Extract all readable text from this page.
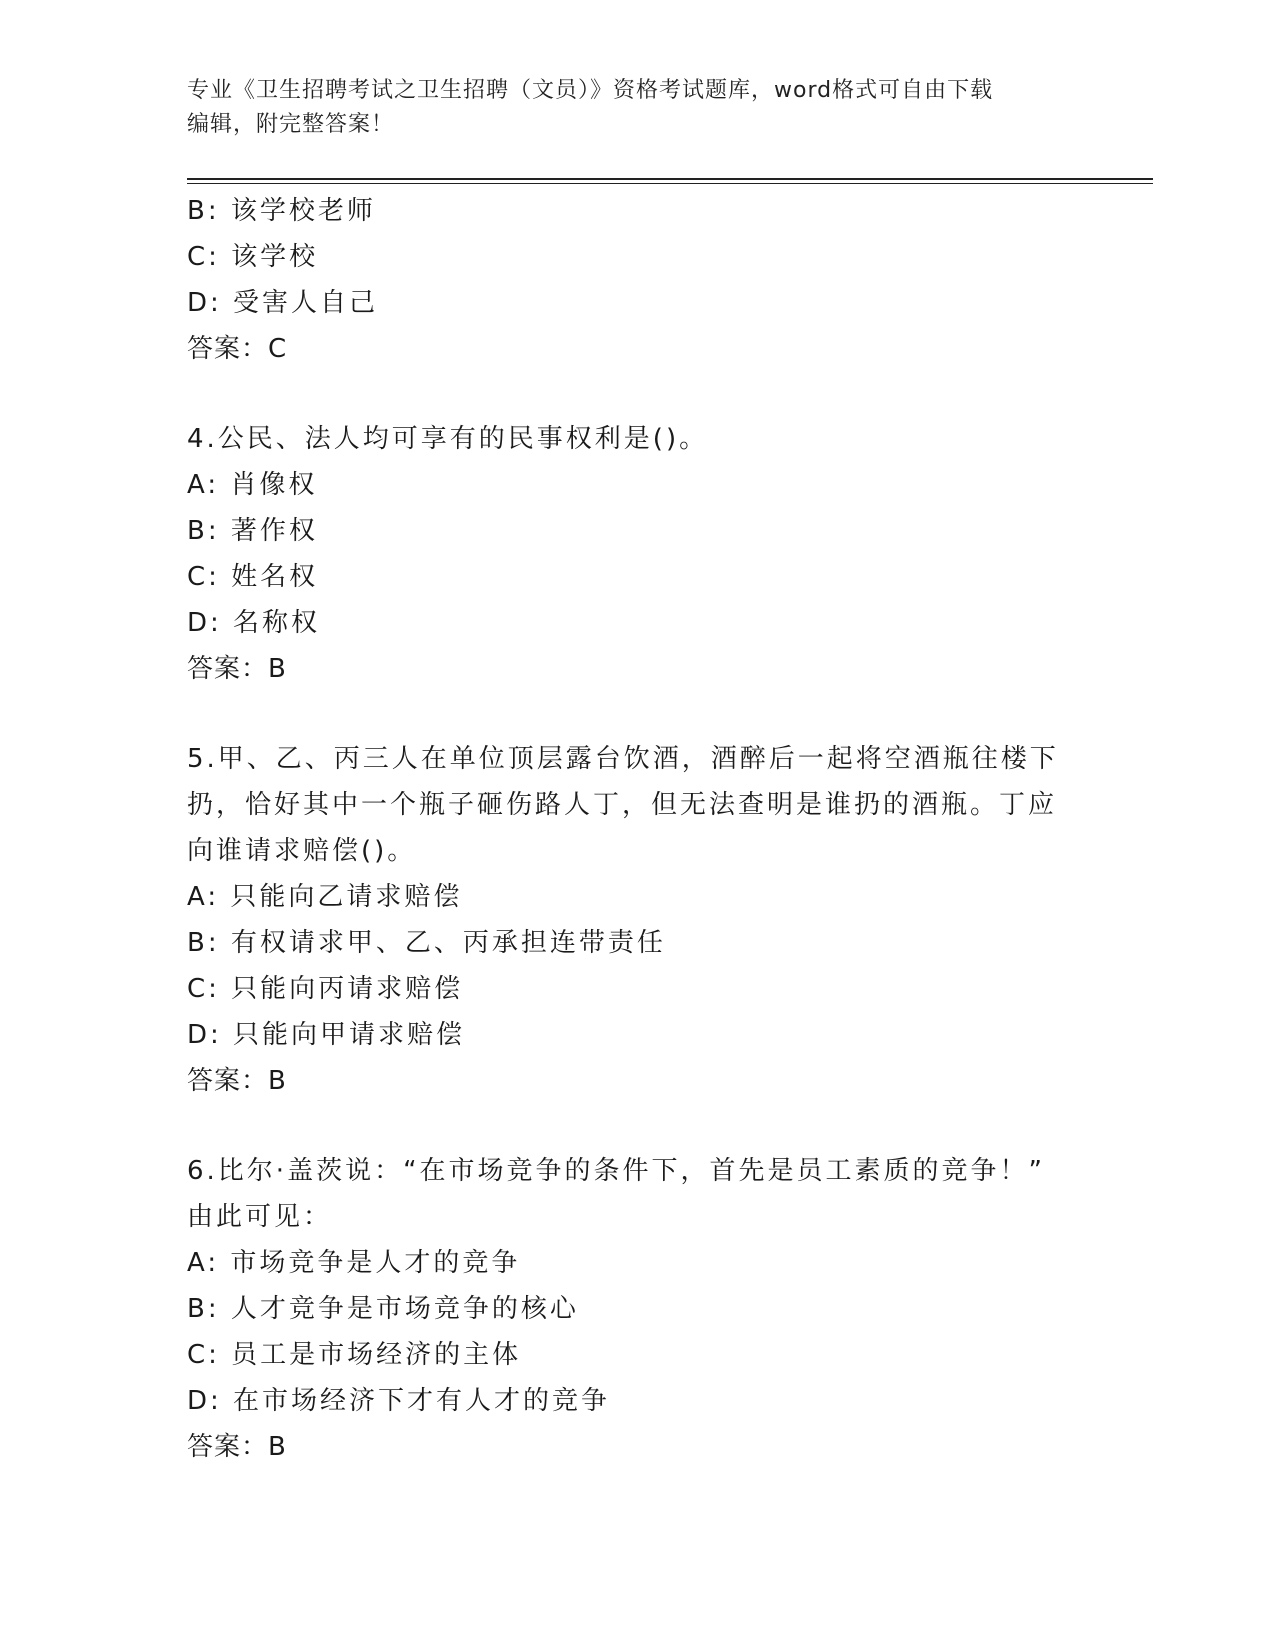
专业《卫生招聘考试之卫生招聘（文员）》资格考试题库，word格式可自由下载
编辑，附完整答案！
B: 该学校老师
C: 该学校
D: 受害人自己
答案：C
4.公民、法人均可享有的民事权利是()。
A: 肖像权
B: 著作权
C: 姓名权
D: 名称权
答案：B
5.甲、乙、丙三人在单位顶层露台饮酒，酒醉后一起将空酒瓶往楼下
扔，恰好其中一个瓶子砸伤路人丁，但无法查明是谁扔的酒瓶。丁应
向谁请求赔偿()。
A: 只能向乙请求赔偿
B: 有权请求甲、乙、丙承担连带责任
C: 只能向丙请求赔偿
D: 只能向甲请求赔偿
答案：B
6.比尔·盖茨说：“在市场竞争的条件下，首先是员工素质的竞争！”
由此可见：
A: 市场竞争是人才的竞争
B: 人才竞争是市场竞争的核心
C: 员工是市场经济的主体
D: 在市场经济下才有人才的竞争
答案：B
